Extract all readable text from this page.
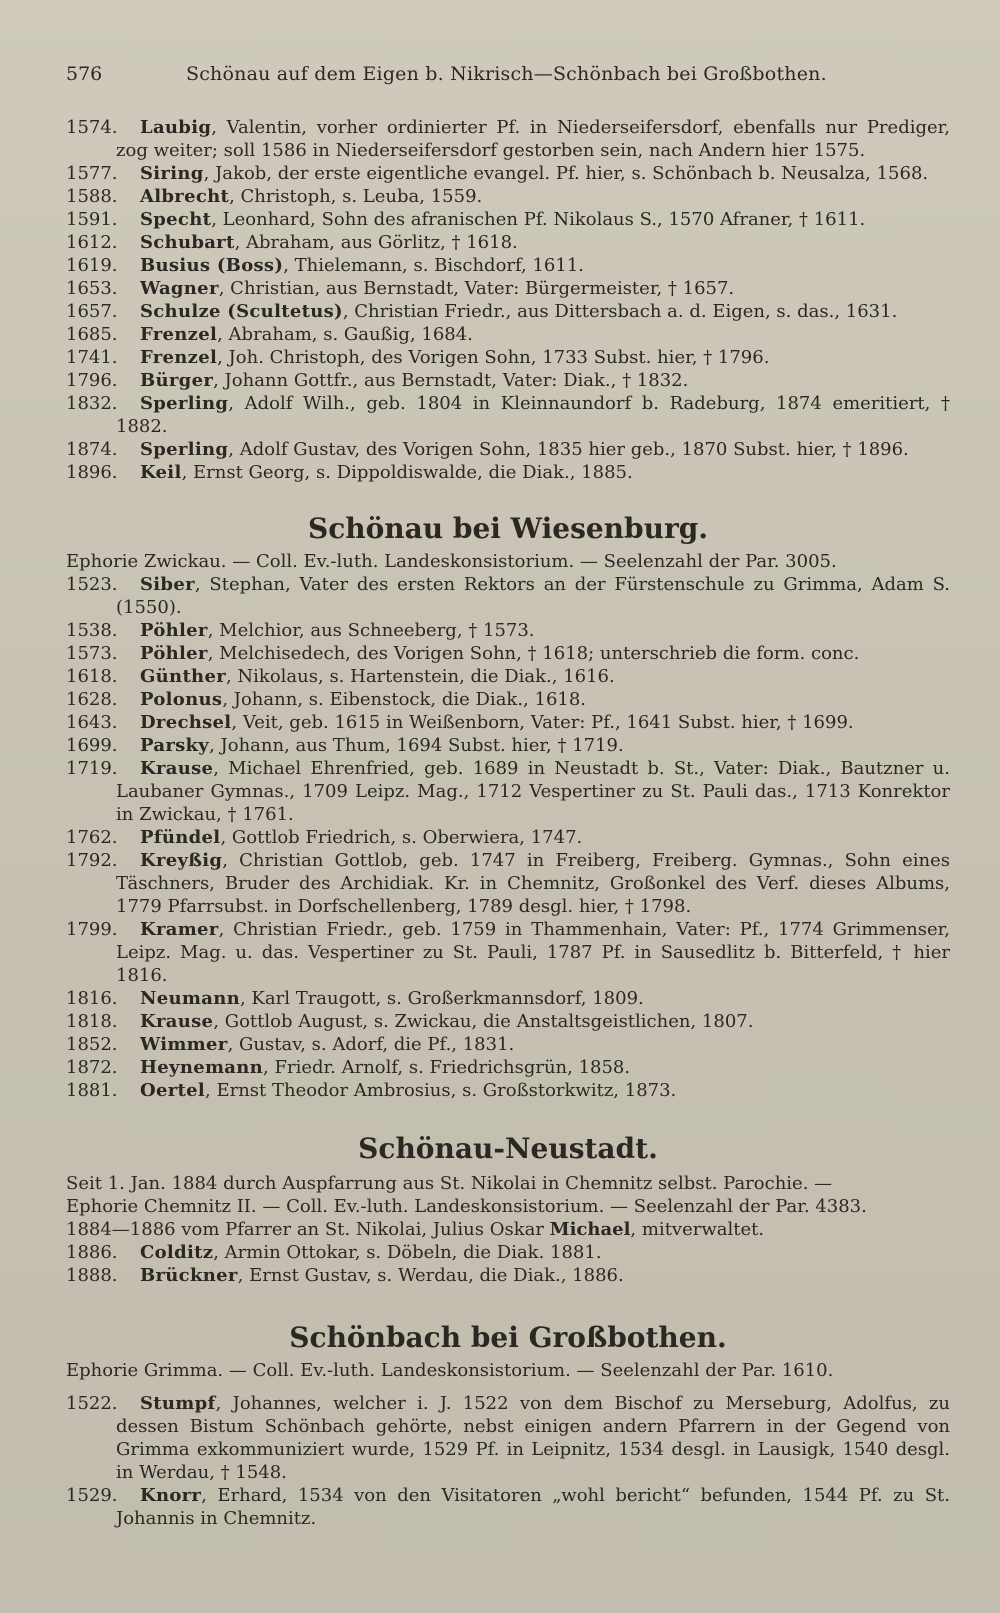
576	Schönau auf dem Eigen b. Nikrisch—Schönbach bei Großbothen.

1574. Laubig, Valentin, vorher ordinierter Pf. in Niederseifersdorf, ebenfalls nur Prediger, zog weiter; soll 1586 in Niederseifersdorf gestorben sein, nach Andern hier 1575.

1577. Siring, Jakob, der erste eigentliche evangel. Pf. hier, s. Schönbach b. Neusalza, 1568.

1588. Albrecht, Christoph, s. Leuba, 1559.

1591. Specht, Leonhard, Sohn des afranischen Pf. Nikolaus S., 1570 Afraner, † 1611.

1612. Schubart, Abraham, aus Görlitz, † 1618.

1619. Busius (Boss), Thielemann, s. Bischdorf, 1611.

1653. Wagner, Christian, aus Bernstadt, Vater: Bürgermeister, † 1657.

1657. Schulze (Scultetus), Christian Friedr., aus Dittersbach a. d. Eigen, s. das., 1631.

1685. Frenzel, Abraham, s. Gaußig, 1684.

1741. Frenzel, Joh. Christoph, des Vorigen Sohn, 1733 Subst. hier, † 1796.

1796. Bürger, Johann Gottfr., aus Bernstadt, Vater: Diak., † 1832.

1832. Sperling, Adolf Wilh., geb. 1804 in Kleinnaundorf b. Radeburg, 1874 emeritiert, † 1882.

1874. Sperling, Adolf Gustav, des Vorigen Sohn, 1835 hier geb., 1870 Subst. hier, † 1896.

1896. Keil, Ernst Georg, s. Dippoldiswalde, die Diak., 1885.

Schönau bei Wiesenburg.

Ephorie Zwickau. — Coll. Ev.-luth. Landeskonsistorium. — Seelenzahl der Par. 3005.

1523. Siber, Stephan, Vater des ersten Rektors an der Fürstenschule zu Grimma, Adam S. (1550).

1538. Pöhler, Melchior, aus Schneeberg, † 1573.

1573. Pöhler, Melchisedech, des Vorigen Sohn, † 1618; unterschrieb die form. conc.

1618. Günther, Nikolaus, s. Hartenstein, die Diak., 1616.

1628. Polonus, Johann, s. Eibenstock, die Diak., 1618.

1643. Drechsel, Veit, geb. 1615 in Weißenborn, Vater: Pf., 1641 Subst. hier, † 1699.

1699. Parsky, Johann, aus Thum, 1694 Subst. hier, † 1719.

1719. Krause, Michael Ehrenfried, geb. 1689 in Neustadt b. St., Vater: Diak., Bautzner u. Laubaner Gymnas., 1709 Leipz. Mag., 1712 Vespertiner zu St. Pauli das., 1713 Konrektor in Zwickau, † 1761.

1762. Pfündel, Gottlob Friedrich, s. Oberwiera, 1747.

1792. Kreyßig, Christian Gottlob, geb. 1747 in Freiberg, Freiberg. Gymnas., Sohn eines Täschners, Bruder des Archidiak. Kr. in Chemnitz, Großonkel des Verf. dieses Albums, 1779 Pfarrsubst. in Dorfschellenberg, 1789 desgl. hier, † 1798.

1799. Kramer, Christian Friedr., geb. 1759 in Thammenhain, Vater: Pf., 1774 Grimmenser, Leipz. Mag. u. das. Vespertiner zu St. Pauli, 1787 Pf. in Sausedlitz b. Bitterfeld, † hier 1816.

1816. Neumann, Karl Traugott, s. Großerkmannsdorf, 1809.

1818. Krause, Gottlob August, s. Zwickau, die Anstaltsgeistlichen, 1807.

1852. Wimmer, Gustav, s. Adorf, die Pf., 1831.

1872. Heynemann, Friedr. Arnolf, s. Friedrichsgrün, 1858.

1881. Oertel, Ernst Theodor Ambrosius, s. Großstorkwitz, 1873.

Schönau-Neustadt.

Seit 1. Jan. 1884 durch Auspfarrung aus St. Nikolai in Chemnitz selbst. Parochie. —

Ephorie Chemnitz II. — Coll. Ev.-luth. Landeskonsistorium. — Seelenzahl der Par. 4383.

1884—1886 vom Pfarrer an St. Nikolai, Julius Oskar Michael, mitverwaltet.

1886. Colditz, Armin Ottokar, s. Döbeln, die Diak. 1881.

1888. Brückner, Ernst Gustav, s. Werdau, die Diak., 1886.

Schönbach bei Großbothen.

Ephorie Grimma. — Coll. Ev.-luth. Landeskonsistorium. — Seelenzahl der Par. 1610.

1522. Stumpf, Johannes, welcher i. J. 1522 von dem Bischof zu Merseburg, Adolfus, zu dessen Bistum Schönbach gehörte, nebst einigen andern Pfarrern in der Gegend von Grimma exkommuniziert wurde, 1529 Pf. in Leipnitz, 1534 desgl. in Lausigk, 1540 desgl. in Werdau, † 1548.

1529. Knorr, Erhard, 1534 von den Visitatoren „wohl bericht“ befunden, 1544 Pf. zu St. Johannis in Chemnitz.
